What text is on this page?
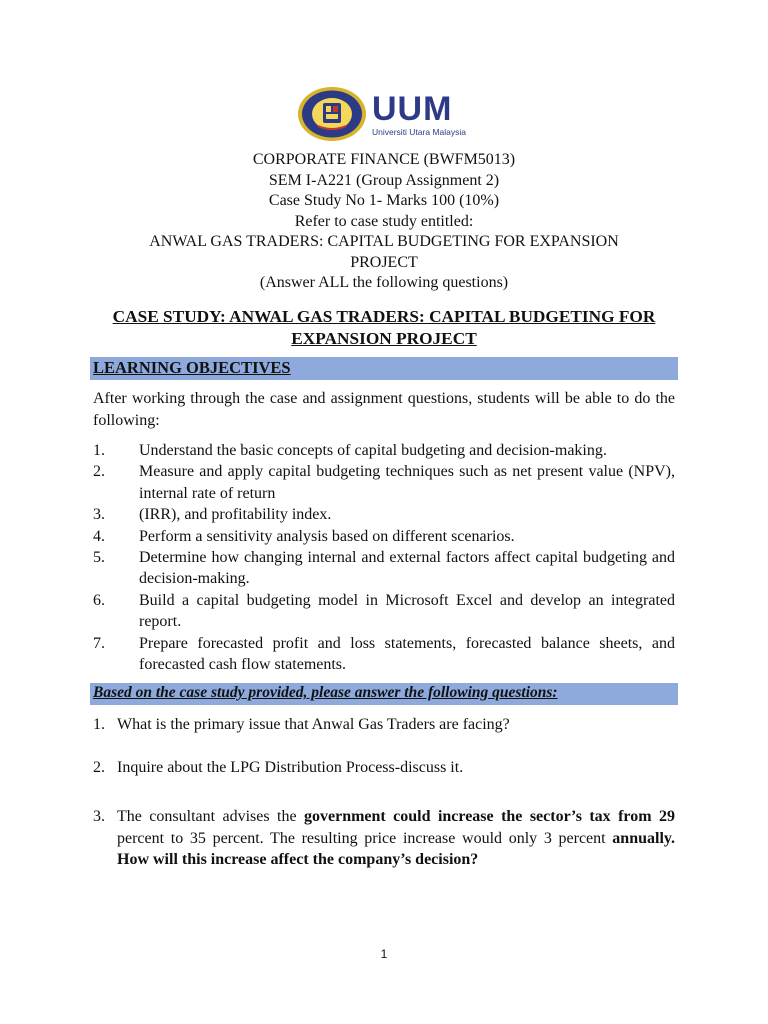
UUM
Universiti Utara Malaysia
CORPORATE FINANCE (BWFM5013)
SEM I-A221 (Group Assignment 2)
Case Study No 1- Marks 100 (10%)
Refer to case study entitled:
ANWAL GAS TRADERS: CAPITAL BUDGETING FOR EXPANSION
PROJECT
(Answer ALL the following questions)
CASE STUDY: ANWAL GAS TRADERS: CAPITAL BUDGETING FOR
EXPANSION PROJECT
LEARNING OBJECTIVES
After working through the case and assignment questions, students will be able to do the following:
1.	Understand the basic concepts of capital budgeting and decision-making.
2.	Measure and apply capital budgeting techniques such as net present value (NPV), internal rate of return
3.	(IRR), and profitability index.
4.	Perform a sensitivity analysis based on different scenarios.
5.	Determine how changing internal and external factors affect capital budgeting and decision-making.
6.	Build a capital budgeting model in Microsoft Excel and develop an integrated report.
7.	Prepare forecasted profit and loss statements, forecasted balance sheets, and forecasted cash flow statements.
Based on the case study provided, please answer the following questions:
1. What is the primary issue that Anwal Gas Traders are facing?
2. Inquire about the LPG Distribution Process-discuss it.
3. The consultant advises the government could increase the sector’s tax from 29 percent to 35 percent. The resulting price increase would only 3 percent annually. How will this increase affect the company’s decision?
1
